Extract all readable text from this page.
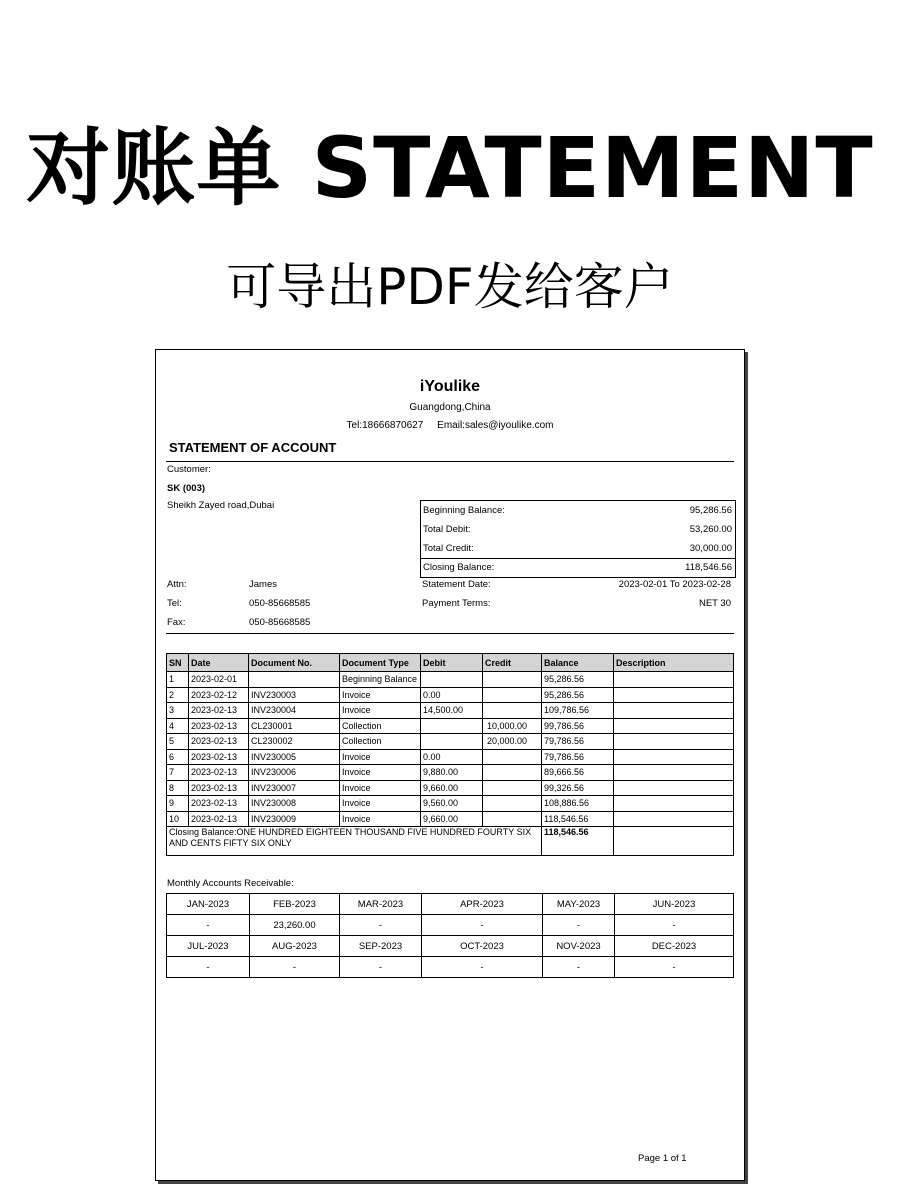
对账单 STATEMENT
可导出PDF发给客户
iYoulike
Guangdong,China
Tel:18666870627 Email:sales@iyoulike.com
STATEMENT OF ACCOUNT
Customer:
SK (003)
Sheikh Zayed road,Dubai	Beginning Balance:	95,286.56
Total Debit:	53,260.00
Total Credit:	30,000.00
Closing Balance:	118,546.56
Attn:	James
Tel:	050-85668585
Fax:	050-85668585
Statement Date:	2023-02-01 To 2023-02-28
Payment Terms:	NET 30
SN	Date	Document No.	Document Type	Debit	Credit	Balance	Description
1	2023-02-01		Beginning Balance			95,286.56	
2	2023-02-12	INV230003	Invoice	0.00		95,286.56	
3	2023-02-13	INV230004	Invoice	14,500.00		109,786.56	
4	2023-02-13	CL230001	Collection		10,000.00	99,786.56	
5	2023-02-13	CL230002	Collection		20,000.00	79,786.56	
6	2023-02-13	INV230005	Invoice	0.00		79,786.56	
7	2023-02-13	INV230006	Invoice	9,880.00		89,666.56	
8	2023-02-13	INV230007	Invoice	9,660.00		99,326.56	
9	2023-02-13	INV230008	Invoice	9,560.00		108,886.56	
10	2023-02-13	INV230009	Invoice	9,660.00		118,546.56	
Closing Balance:ONE HUNDRED EIGHTEEN THOUSAND FIVE HUNDRED FOURTY SIX AND CENTS FIFTY SIX ONLY						118,546.56	
Monthly Accounts Receivable:
JAN-2023	FEB-2023	MAR-2023	APR-2023	MAY-2023	JUN-2023
-	23,260.00	-	-	-	-
JUL-2023	AUG-2023	SEP-2023	OCT-2023	NOV-2023	DEC-2023
-	-	-	-	-	-
Page 1 of 1
